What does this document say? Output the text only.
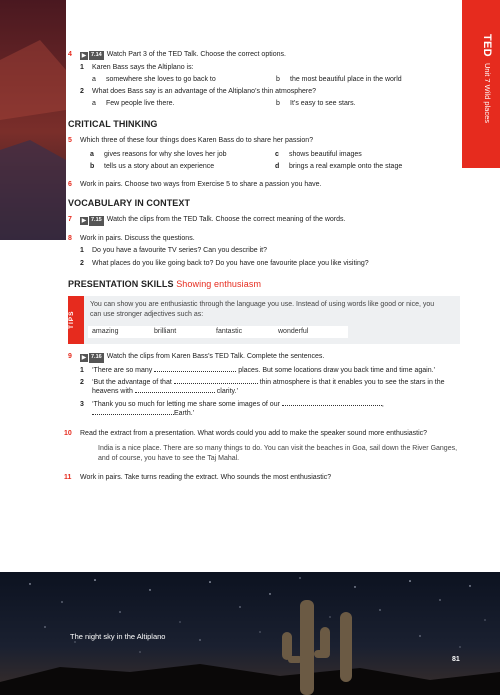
TED Unit 7 Wild places
4	▶ 7.14 Watch Part 3 of the TED Talk. Choose the correct options.
1 Karen Bass says the Altiplano is:
a somewhere she loves to go back to	b the most beautiful place in the world
2 What does Bass say is an advantage of the Altiplano’s thin atmosphere?
a Few people live there.	b It’s easy to see stars.
CRITICAL THINKING
5	Which three of these four things does Karen Bass do to share her passion?
a gives reasons for why she loves her job	c shows beautiful images
b tells us a story about an experience	d brings a real example onto the stage
6	Work in pairs. Choose two ways from Exercise 5 to share a passion you have.
VOCABULARY IN CONTEXT
7	▶ 7.15 Watch the clips from the TED Talk. Choose the correct meaning of the words.
8	Work in pairs. Discuss the questions.
1 Do you have a favourite TV series? Can you describe it?
2 What places do you like going back to? Do you have one favourite place you like visiting?
PRESENTATION SKILLS Showing enthusiasm
TIPS
You can show you are enthusiastic through the language you use. Instead of using words like good or nice, you can use stronger adjectives such as:
amazing	brilliant	fantastic	wonderful
9	▶ 7.16 Watch the clips from Karen Bass’s TED Talk. Complete the sentences.
1 ‘There are so many	places. But some locations draw you back time and time again.’
2 ‘But the advantage of that	thin atmosphere is that it enables you to see the stars in the heavens with	clarity.’
3 ‘Thank you so much for letting me share some images of our	,
Earth.’
10	Read the extract from a presentation. What words could you add to make the speaker sound more enthusiastic?
India is a nice place. There are so many things to do. You can visit the beaches in Goa, sail down the River Ganges, and of course, you have to see the Taj Mahal.
11	Work in pairs. Take turns reading the extract. Who sounds the most enthusiastic?
The night sky in the Altiplano
81
